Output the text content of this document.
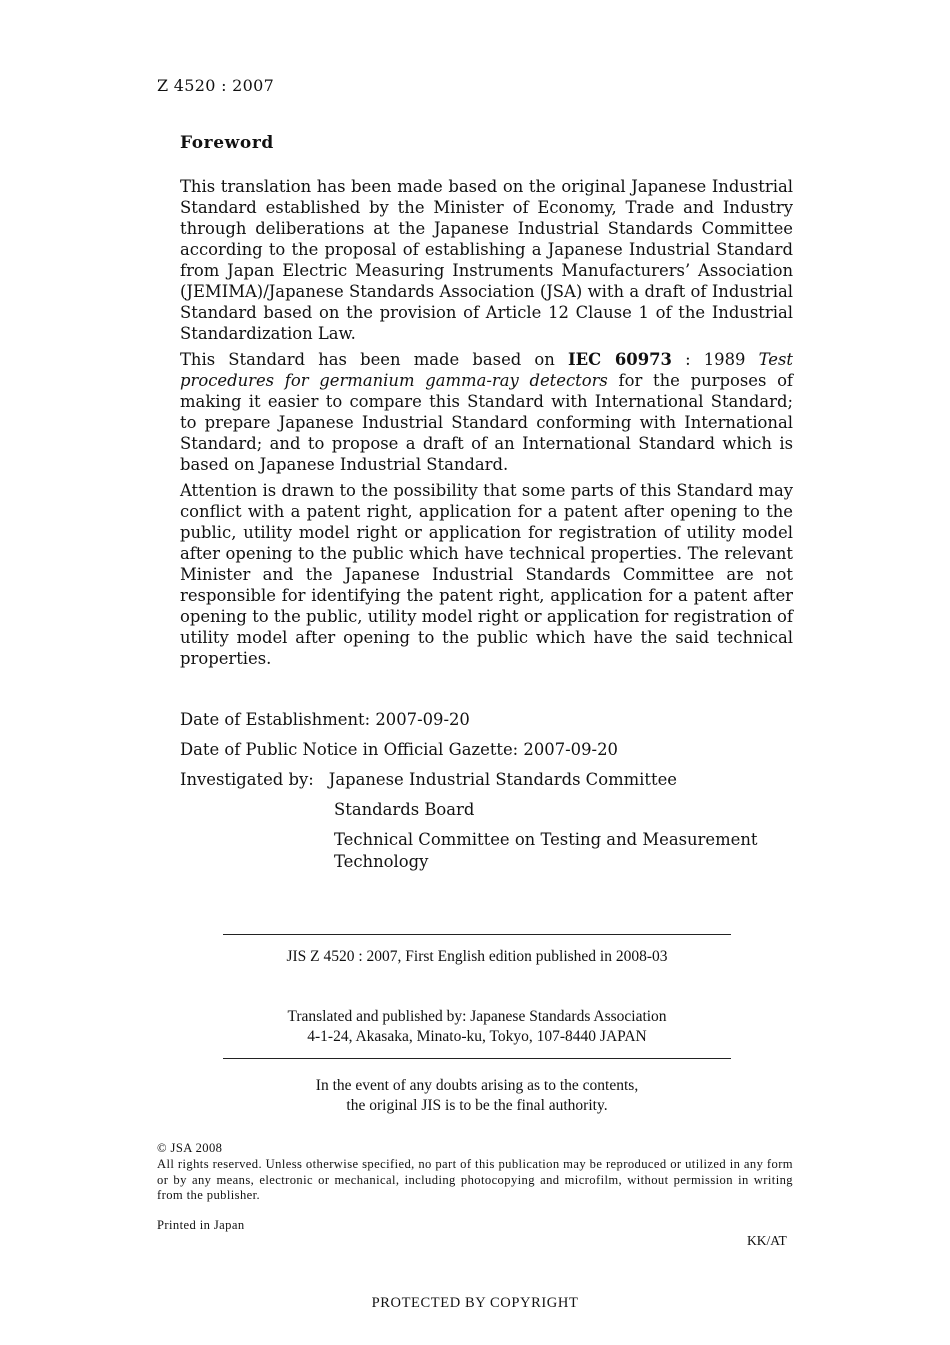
Z 4520 : 2007
Foreword
This translation has been made based on the original Japanese Industrial Standard established by the Minister of Economy, Trade and Industry through deliberations at the Japanese Industrial Standards Committee according to the proposal of establishing a Japanese Industrial Standard from Japan Electric Measuring Instruments Manufacturers’ Association (JEMIMA)/Japanese Standards Association (JSA) with a draft of Industrial Standard based on the provision of Article 12 Clause 1 of the Industrial Standardization Law.
This Standard has been made based on IEC 60973 : 1989 Test procedures for germanium gamma-ray detectors for the purposes of making it easier to compare this Standard with International Standard; to prepare Japanese Industrial Standard conforming with International Standard; and to propose a draft of an International Standard which is based on Japanese Industrial Standard.
Attention is drawn to the possibility that some parts of this Standard may conflict with a patent right, application for a patent after opening to the public, utility model right or application for registration of utility model after opening to the public which have technical properties. The relevant Minister and the Japanese Industrial Standards Committee are not responsible for identifying the patent right, application for a patent after opening to the public, utility model right or application for registration of utility model after opening to the public which have the said technical properties.
Date of Establishment: 2007-09-20
Date of Public Notice in Official Gazette: 2007-09-20
Investigated by: Japanese Industrial Standards Committee
Standards Board
Technical Committee on Testing and Measurement Technology
JIS Z 4520 : 2007, First English edition published in 2008-03
Translated and published by: Japanese Standards Association
4-1-24, Akasaka, Minato-ku, Tokyo, 107-8440 JAPAN
In the event of any doubts arising as to the contents,
the original JIS is to be the final authority.
© JSA 2008
All rights reserved. Unless otherwise specified, no part of this publication may be reproduced or utilized in any form or by any means, electronic or mechanical, including photocopying and microfilm, without permission in writing from the publisher.
Printed in Japan
KK/AT
PROTECTED BY COPYRIGHT
